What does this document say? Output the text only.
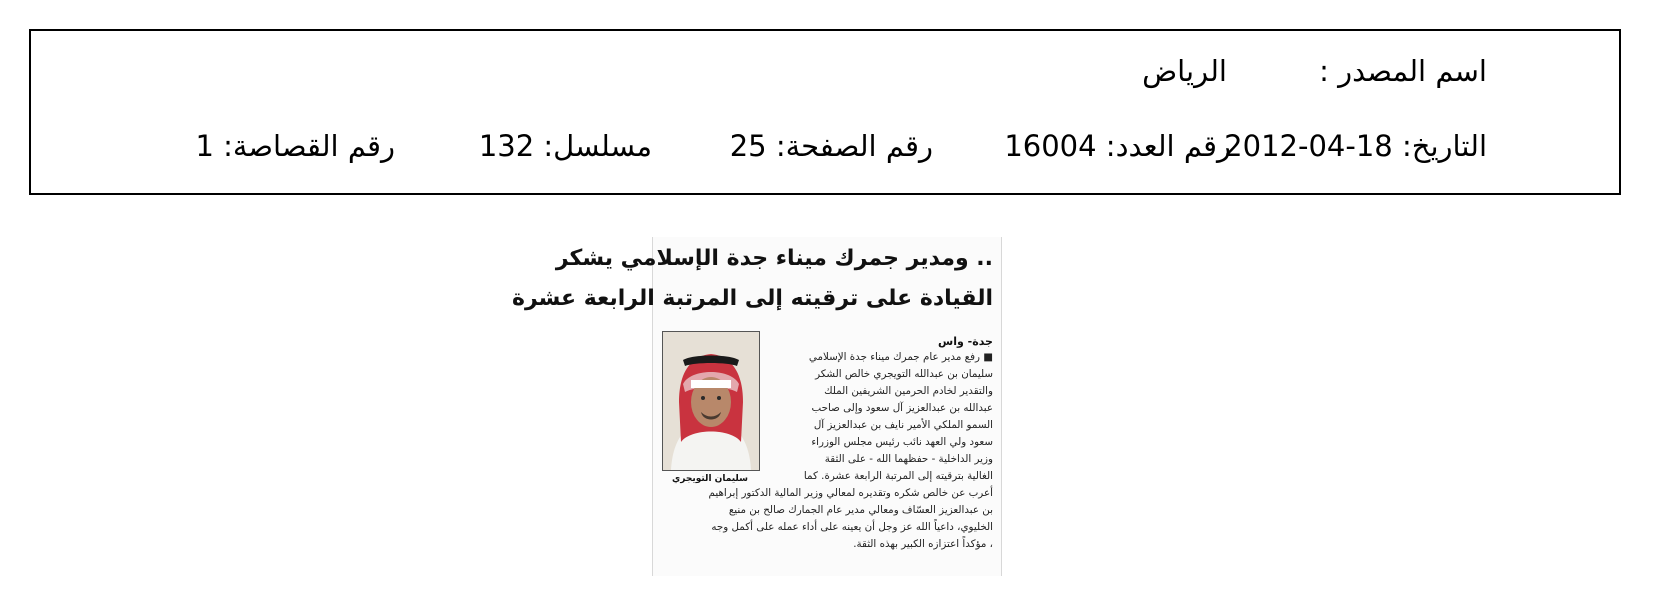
اسم المصدر :
الرياض
التاريخ: 18-04-2012
رقم العدد: 16004
رقم الصفحة: 25
مسلسل: 132
رقم القصاصة: 1
.. ومدير جمرك ميناء جدة الإسلامي يشكر
القيادة على ترقيته إلى المرتبة الرابعة عشرة
جدة- واس
سليمان التويجري
■ رفع مدير عام جمرك ميناء جدة الإسلامي
سليمان بن عبدالله التويجري خالص الشكر
والتقدير لخادم الحرمين الشريفين الملك
عبدالله بن عبدالعزيز آل سعود وإلى صاحب
السمو الملكي الأمير نايف بن عبدالعزيز آل
سعود ولي العهد نائب رئيس مجلس الوزراء
وزير الداخلية - حفظهما الله - على الثقة
الغالية بترقيته إلى المرتبة الرابعة عشرة. كما
أعرب عن خالص شكره وتقديره لمعالي وزير المالية الدكتور إبراهيم
بن عبدالعزيز العسّاف ومعالي مدير عام الجمارك صالح بن منيع
الخليوي، داعياً الله عز وجل أن يعينه على أداء عمله على أكمل وجه
، مؤكداً اعتزازه الكبير بهذه الثقة.
